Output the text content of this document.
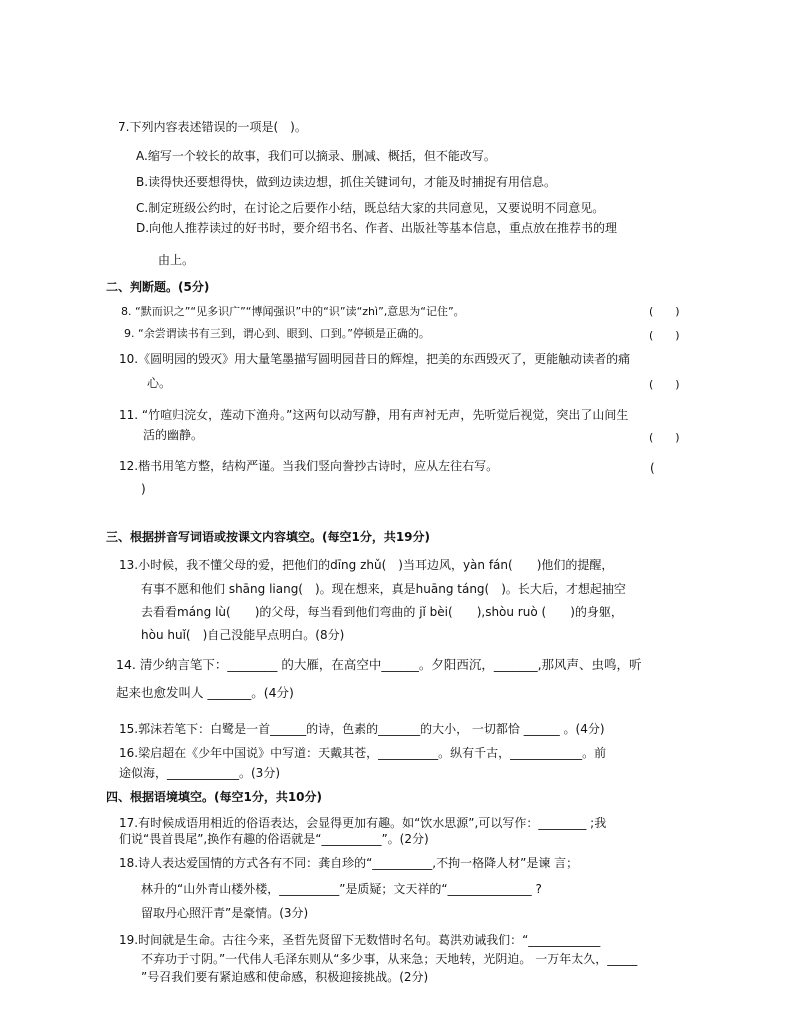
7.下列内容表述错误的一项是(　)。
A.缩写一个较长的故事，我们可以摘录、删减、概括，但不能改写。
B.读得快还要想得快，做到边读边想，抓住关键词句，才能及时捕捉有用信息。
C.制定班级公约时，在讨论之后要作小结，既总结大家的共同意见，又要说明不同意见。
D.向他人推荐读过的好书时，要介绍书名、作者、出版社等基本信息，重点放在推荐书的理
由上。
二、判断题。(5分)
8. “默而识之”“见多识广”“博闻强识”中的“识”读“zhì”,意思为“记住”。	(　　)
9. “余尝谓读书有三到，谓心到、眼到、口到。”停顿是正确的。	(　　)
10.《圆明园的毁灭》用大量笔墨描写圆明园昔日的辉煌，把美的东西毁灭了，更能触动读者的痛
心。	(　　)
11. “竹喧归浣女，莲动下渔舟。”这两句以动写静，用有声衬无声，先听觉后视觉，突出了山间生
活的幽静。	(　　)
12.楷书用笔方整，结构严谨。当我们竖向誊抄古诗时，应从左往右写。	(
)
三、根据拼音写词语或按课文内容填空。(每空1分，共19分)
13.小时候，我不懂父母的爱，把他们的dīng zhǔ(　)当耳边风，yàn fán(　　)他们的提醒，
有事不愿和他们 shāng liang(　)。现在想来，真是huāng táng(　)。长大后，才想起抽空
去看看máng lù(　　)的父母，每当看到他们弯曲的 jǐ bèi(　　),shòu ruò (　　)的身躯，
hòu huǐ(　)自己没能早点明白。(8分)
14. 清少纳言笔下：________ 的大雁，在高空中______。夕阳西沉，_______,那风声、虫鸣，听
起来也愈发叫人 _______。(4分)
15.郭沫若笔下：白鹭是一首______的诗，色素的_______的大小， 一切都恰 ______ 。(4分)
16.梁启超在《少年中国说》中写道：天戴其苍，__________。纵有千古，____________。前
途似海，____________。(3分)
四、根据语境填空。(每空1分，共10分)
17.有时候成语用相近的俗语表达，会显得更加有趣。如“饮水思源”,可以写作：________ ;我
们说“畏首畏尾”,换作有趣的俗语就是“__________”。(2分)
18.诗人表达爱国情的方式各有不同：龚自珍的“__________,不拘一格降人材”是谏 言；
林升的“山外青山楼外楼，__________”是质疑；文天祥的“______________ ?
留取丹心照汗青”是豪情。(3分)
19.时间就是生命。古往今来，圣哲先贤留下无数惜时名句。葛洪劝诫我们：“____________
不弃功于寸阴。”一代伟人毛泽东则从“多少事，从来急；天地转，光阴迫。 一万年太久，_____
”号召我们要有紧迫感和使命感，积极迎接挑战。(2分)
